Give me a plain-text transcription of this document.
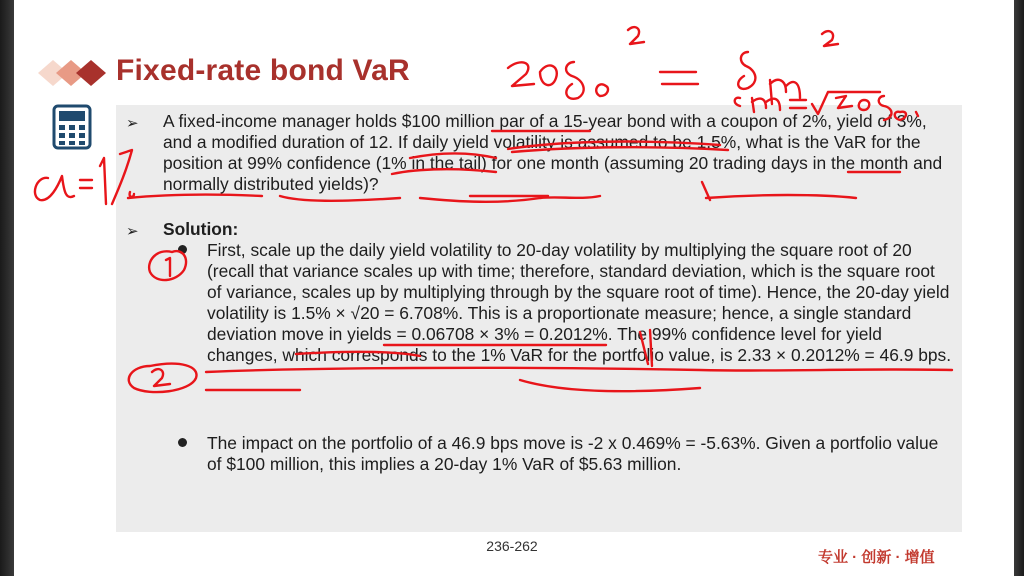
Fixed-rate bond VaR
➢ A fixed-income manager holds $100 million par of a 15-year bond with a coupon of 2%, yield of 3%, and a modified duration of 12. If daily yield volatility is assumed to be 1.5%, what is the VaR for the position at 99% confidence (1% in the tail) for one month (assuming 20 trading days in the month and normally distributed yields)?
➢ Solution:
First, scale up the daily yield volatility to 20-day volatility by multiplying the square root of 20 (recall that variance scales up with time; therefore, standard deviation, which is the square root of variance, scales up by multiplying through by the square root of time). Hence, the 20-day yield volatility is 1.5% × √20 = 6.708%. This is a proportionate measure; hence, a single standard deviation move in yields = 0.06708 × 3% = 0.2012%. The 99% confidence level for yield changes, which corresponds to the 1% VaR for the portfolio value, is 2.33 × 0.2012% = 46.9 bps.
The impact on the portfolio of a 46.9 bps move is -2 x 0.469% = -5.63%. Given a portfolio value of $100 million, this implies a 20-day 1% VaR of $5.63 million.
236-262
专业 · 创新 · 增值
